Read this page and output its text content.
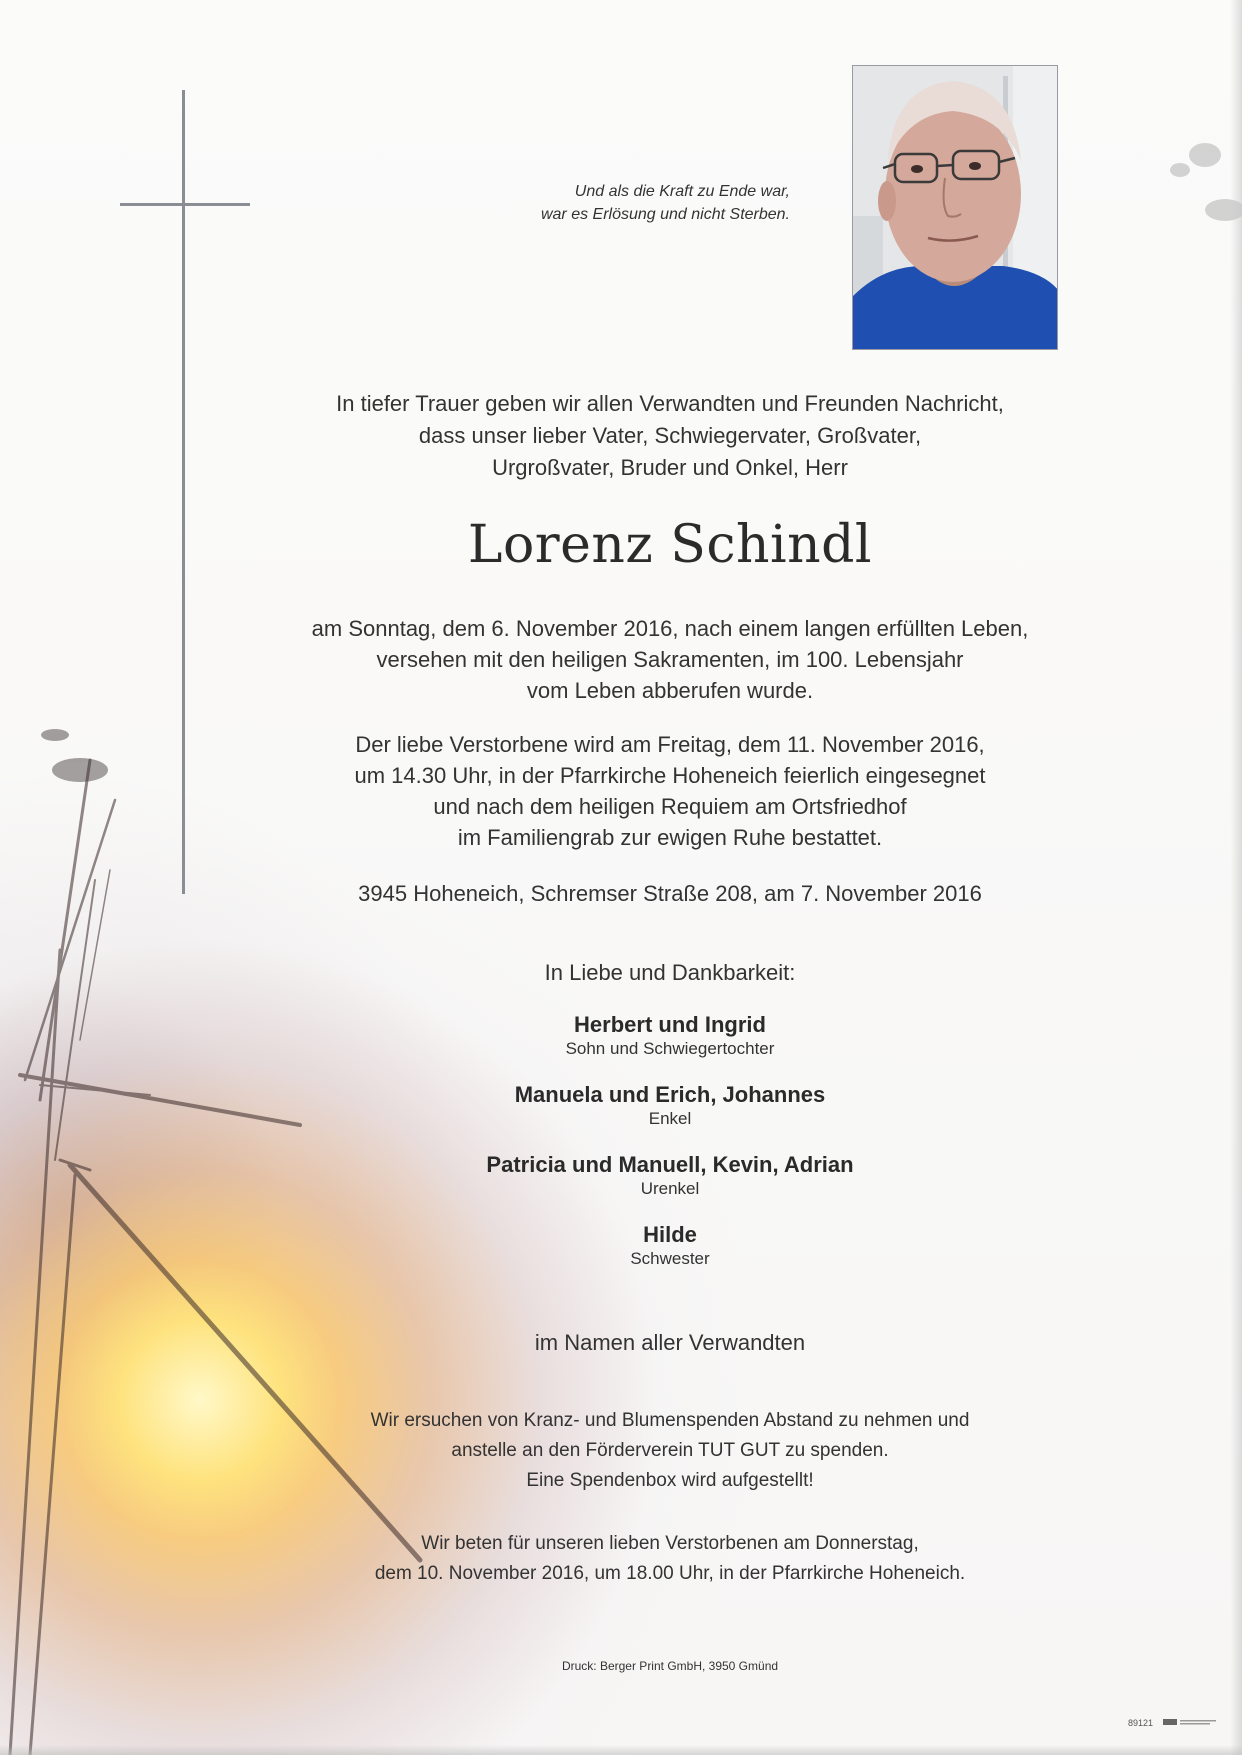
Und als die Kraft zu Ende war,
war es Erlösung und nicht Sterben.
In tiefer Trauer geben wir allen Verwandten und Freunden Nachricht,
dass unser lieber Vater, Schwiegervater, Großvater,
Urgroßvater, Bruder und Onkel, Herr
Lorenz Schindl
am Sonntag, dem 6. November 2016, nach einem langen erfüllten Leben,
versehen mit den heiligen Sakramenten, im 100. Lebensjahr
vom Leben abberufen wurde.
Der liebe Verstorbene wird am Freitag, dem 11. November 2016,
um 14.30 Uhr, in der Pfarrkirche Hoheneich feierlich eingesegnet
und nach dem heiligen Requiem am Ortsfriedhof
im Familiengrab zur ewigen Ruhe bestattet.
3945 Hoheneich, Schremser Straße 208, am 7. November 2016
In Liebe und Dankbarkeit:
Herbert und Ingrid
Sohn und Schwiegertochter
Manuela und Erich, Johannes
Enkel
Patricia und Manuell, Kevin, Adrian
Urenkel
Hilde
Schwester
im Namen aller Verwandten
Wir ersuchen von Kranz- und Blumenspenden Abstand zu nehmen und
anstelle an den Förderverein TUT GUT zu spenden.
Eine Spendenbox wird aufgestellt!
Wir beten für unseren lieben Verstorbenen am Donnerstag,
dem 10. November 2016, um 18.00 Uhr, in der Pfarrkirche Hoheneich.
Druck: Berger Print GmbH, 3950 Gmünd
89121
